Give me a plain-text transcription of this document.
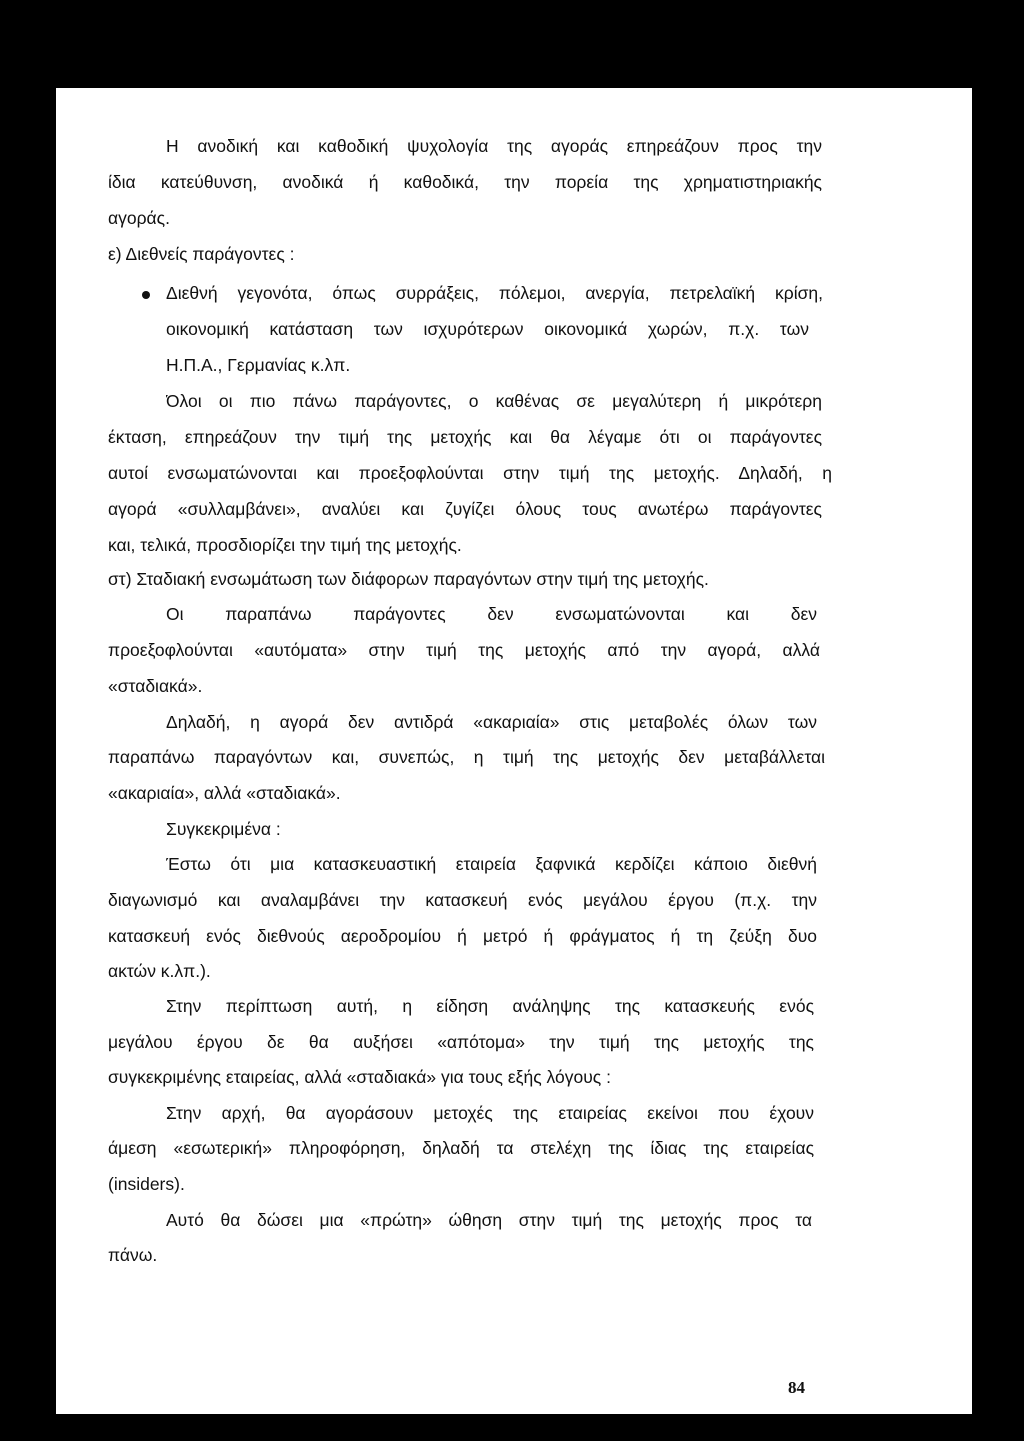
Η ανοδική και καθοδική ψυχολογία της αγοράς επηρεάζουν προς την
ίδια κατεύθυνση, ανοδικά ή καθοδικά, την πορεία της χρηματιστηριακής
αγοράς.
ε) Διεθνείς παράγοντες :
Διεθνή γεγονότα, όπως συρράξεις, πόλεμοι, ανεργία, πετρελαϊκή κρίση,
οικονομική κατάσταση των ισχυρότερων οικονομικά χωρών, π.χ. των
Η.Π.Α., Γερμανίας κ.λπ.
Όλοι οι πιο πάνω παράγοντες, ο καθένας σε μεγαλύτερη ή μικρότερη
έκταση, επηρεάζουν την τιμή της μετοχής και θα λέγαμε ότι οι παράγοντες
αυτοί ενσωματώνονται και προεξοφλούνται στην τιμή της μετοχής. Δηλαδή, η
αγορά «συλλαμβάνει», αναλύει και ζυγίζει όλους τους ανωτέρω παράγοντες
και, τελικά, προσδιορίζει την τιμή της μετοχής.
στ) Σταδιακή ενσωμάτωση των διάφορων παραγόντων στην τιμή της μετοχής.
Οι παραπάνω παράγοντες δεν ενσωματώνονται και δεν
προεξοφλούνται «αυτόματα» στην τιμή της μετοχής από την αγορά, αλλά
«σταδιακά».
Δηλαδή, η αγορά δεν αντιδρά «ακαριαία» στις μεταβολές όλων των
παραπάνω παραγόντων και, συνεπώς, η τιμή της μετοχής δεν μεταβάλλεται
«ακαριαία», αλλά «σταδιακά».
Συγκεκριμένα :
Έστω ότι μια κατασκευαστική εταιρεία ξαφνικά κερδίζει κάποιο διεθνή
διαγωνισμό και αναλαμβάνει την κατασκευή ενός μεγάλου έργου (π.χ. την
κατασκευή ενός διεθνούς αεροδρομίου ή μετρό ή φράγματος ή τη ζεύξη δυο
ακτών κ.λπ.).
Στην περίπτωση αυτή, η είδηση ανάληψης της κατασκευής ενός
μεγάλου έργου δε θα αυξήσει «απότομα» την τιμή της μετοχής της
συγκεκριμένης εταιρείας, αλλά «σταδιακά» για τους εξής λόγους :
Στην αρχή, θα αγοράσουν μετοχές της εταιρείας εκείνοι που έχουν
άμεση «εσωτερική» πληροφόρηση, δηλαδή τα στελέχη της ίδιας της εταιρείας
(insiders).
Αυτό θα δώσει μια «πρώτη» ώθηση στην τιμή της μετοχής προς τα
πάνω.
84
